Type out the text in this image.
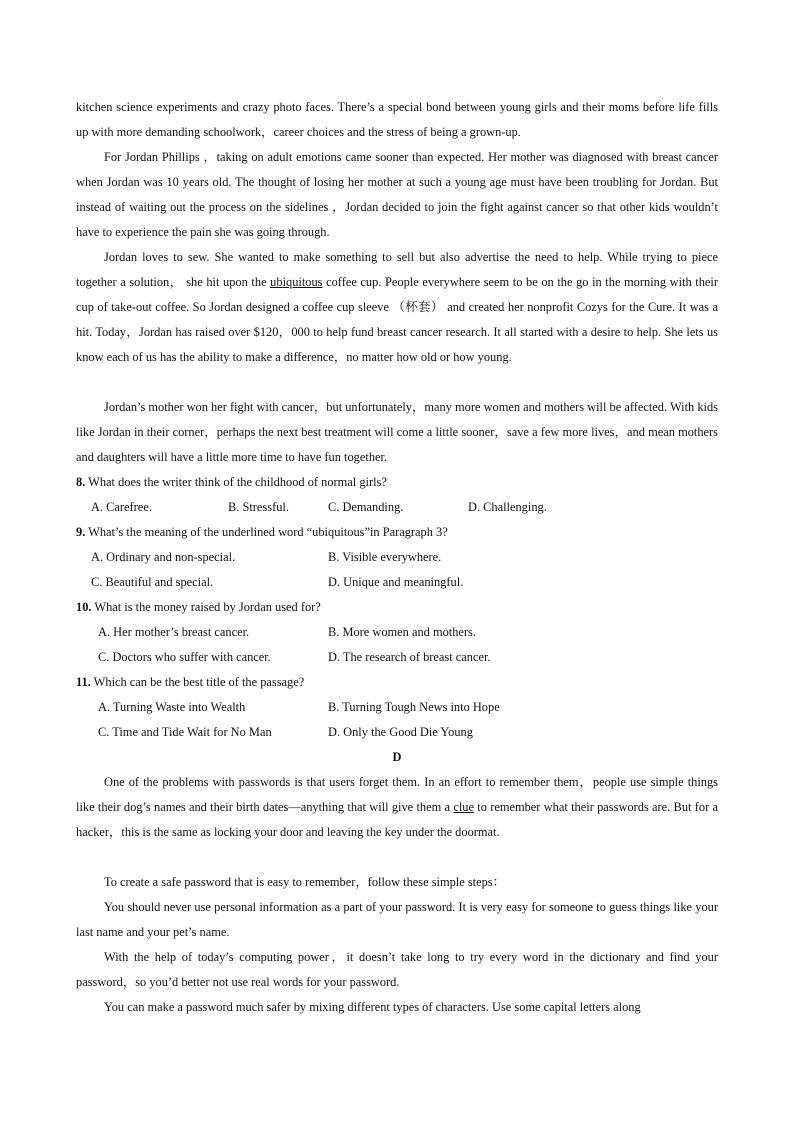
kitchen science experiments and crazy photo faces. There’s a special bond between young girls and their moms before life fills up with more demanding schoolwork，career choices and the stress of being a grown-up.

For Jordan Phillips ，taking on adult emotions came sooner than expected. Her mother was diagnosed with breast cancer when Jordan was 10 years old. The thought of losing her mother at such a young age must have been troubling for Jordan. But instead of waiting out the process on the sidelines ，Jordan decided to join the fight against cancer so that other kids wouldn’t have to experience the pain she was going through.

Jordan loves to sew. She wanted to make something to sell but also advertise the need to help. While trying to piece together a solution， she hit upon the ubiquitous coffee cup. People everywhere seem to be on the go in the morning with their cup of take-out coffee. So Jordan designed a coffee cup sleeve （杯套） and created her nonprofit Cozys for the Cure. It was a hit. Today，Jordan has raised over $120，000 to help fund breast cancer research. It all started with a desire to help. She lets us know each of us has the ability to make a difference，no matter how old or how young.

Jordan’s mother won her fight with cancer，but unfortunately，many more women and mothers will be affected. With kids like Jordan in their corner，perhaps the next best treatment will come a little sooner，save a few more lives，and mean mothers and daughters will have a little more time to have fun together.

8. What does the writer think of the childhood of normal girls?
A. Carefree.	B. Stressful.	C. Demanding.	D. Challenging.
9. What’s the meaning of the underlined word “ubiquitous”in Paragraph 3?
A. Ordinary and non-special.	B. Visible everywhere.
C. Beautiful and special.	D. Unique and meaningful.
10. What is the money raised by Jordan used for?
A. Her mother’s breast cancer.	B. More women and mothers.
C. Doctors who suffer with cancer.	D. The research of breast cancer.
11. Which can be the best title of the passage?
A. Turning Waste into Wealth	B. Turning Tough News into Hope
C. Time and Tide Wait for No Man	D. Only the Good Die Young
D

One of the problems with passwords is that users forget them. In an effort to remember them，people use simple things like their dog’s names and their birth dates—anything that will give them a clue to remember what their passwords are. But for a hacker，this is the same as locking your door and leaving the key under the doormat.

To create a safe password that is easy to remember，follow these simple steps：

You should never use personal information as a part of your password. It is very easy for someone to guess things like your last name and your pet’s name.

With the help of today’s computing power，it doesn’t take long to try every word in the dictionary and find your password，so you’d better not use real words for your password.

You can make a password much safer by mixing different types of characters. Use some capital letters along
